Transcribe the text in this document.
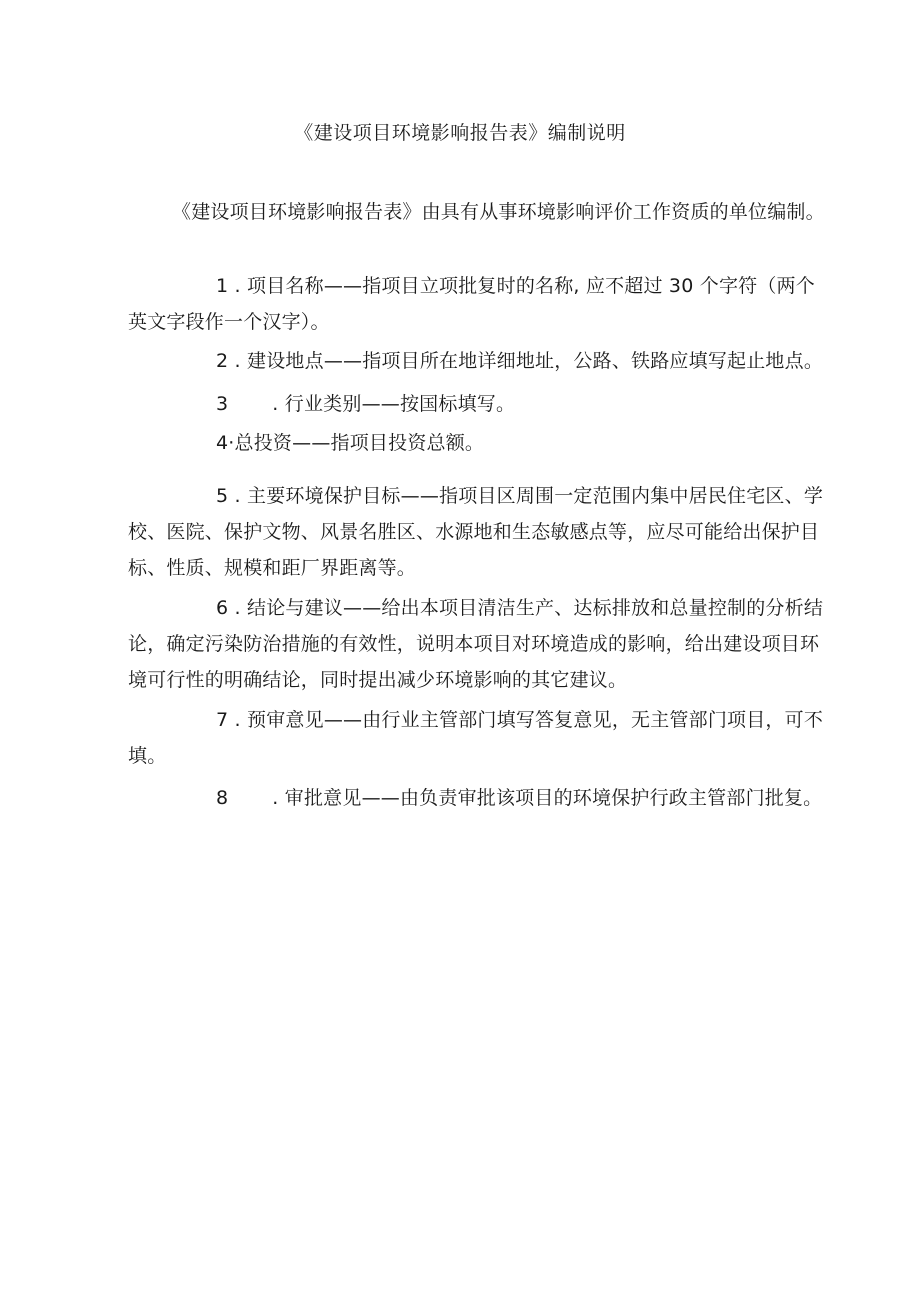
《建设项目环境影响报告表》编制说明
《建设项目环境影响报告表》由具有从事环境影响评价工作资质的单位编制。
1 . 项目名称——指项目立项批复时的名称, 应不超过 30 个字符（两个英文字段作一个汉字）。
2 . 建设地点——指项目所在地详细地址，公路、铁路应填写起止地点。
3 . 行业类别——按国标填写。
4·总投资——指项目投资总额。
5 . 主要环境保护目标——指项目区周围一定范围内集中居民住宅区、学校、医院、保护文物、风景名胜区、水源地和生态敏感点等，应尽可能给出保护目标、性质、规模和距厂界距离等。
6 . 结论与建议——给出本项目清洁生产、达标排放和总量控制的分析结论，确定污染防治措施的有效性，说明本项目对环境造成的影响，给出建设项目环境可行性的明确结论，同时提出减少环境影响的其它建议。
7 . 预审意见——由行业主管部门填写答复意见，无主管部门项目，可不填。
8 . 审批意见——由负责审批该项目的环境保护行政主管部门批复。
